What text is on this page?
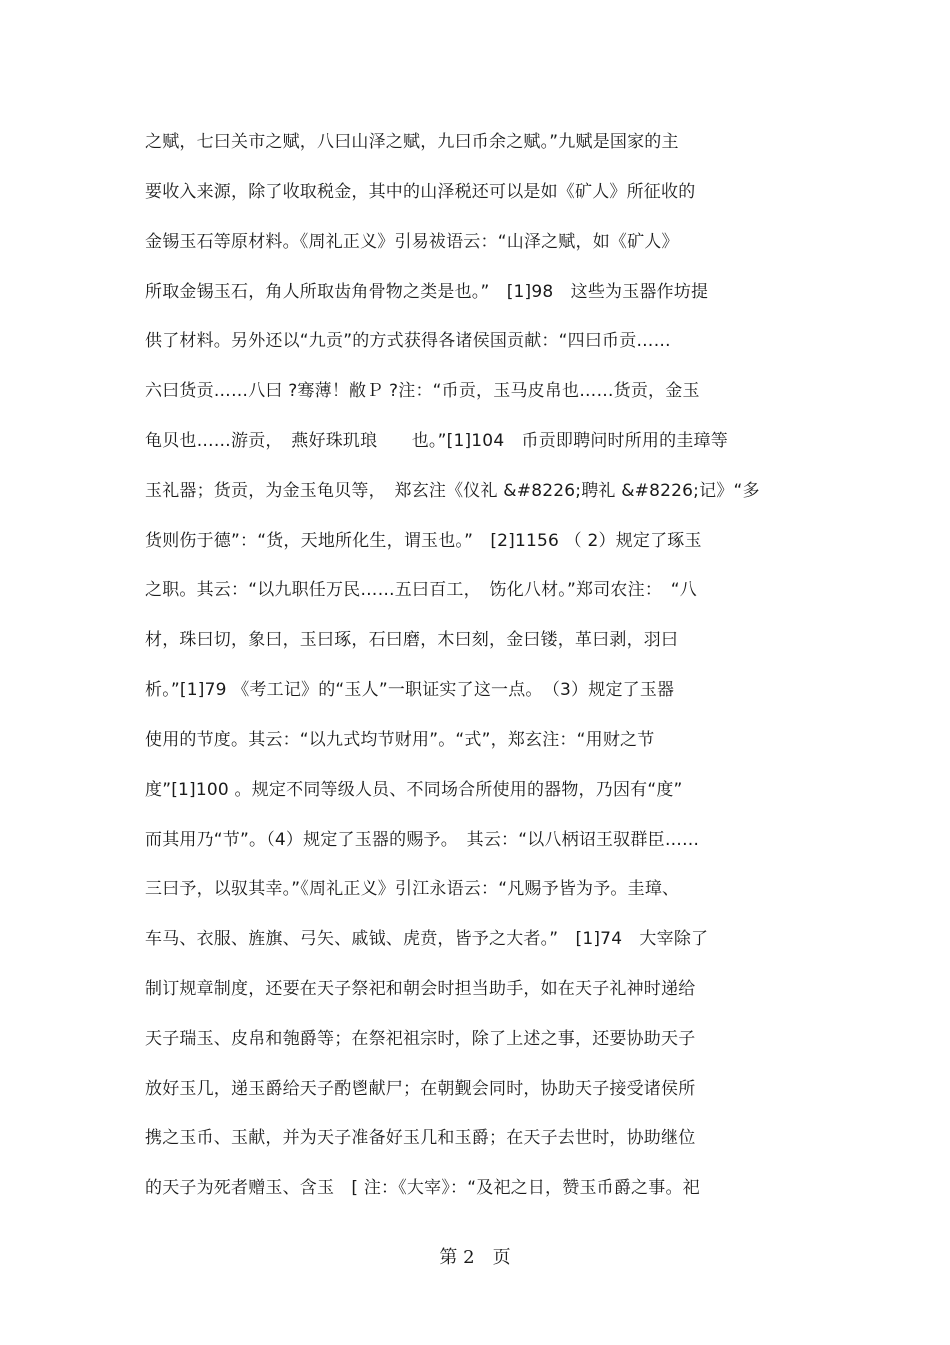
之赋，七曰关市之赋，八曰山泽之赋，九曰币余之赋。”九赋是国家的主
要收入来源，除了收取税金，其中的山泽税还可以是如《矿人》所征收的
金锡玉石等原材料。《周礼正义》引易祓语云：“山泽之赋，如《矿人》
所取金锡玉石，角人所取齿角骨物之类是也。”　[1]98　这些为玉器作坊提
供了材料。另外还以“九贡”的方式获得各诸侯国贡献：“四曰币贡……
六曰货贡……八曰 ?骞薄！敝Ｐ ?注：“币贡，玉马皮帛也……货贡，金玉
龟贝也……游贡，　燕好珠玑琅　　也。”[1]104　币贡即聘问时所用的圭璋等
玉礼器；货贡，为金玉龟贝等，　郑玄注《仪礼 &#8226;聘礼 &#8226;记》“多
货则伤于德”：“货，天地所化生，谓玉也。”　[2]1156 （ 2）规定了琢玉
之职。其云：“以九职任万民……五曰百工，　饬化八材。”郑司农注：　“八
材，珠曰切，象曰，玉曰琢，石曰磨，木曰刻，金曰镂，革曰剥，羽曰
析。”[1]79 《考工记》的“玉人”一职证实了这一点。　（3）规定了玉器
使用的节度。其云：“以九式均节财用”。“式”，郑玄注：“用财之节
度”[1]100 。规定不同等级人员、不同场合所使用的器物，乃因有“度”
而其用乃“节”。（4）规定了玉器的赐予。　其云：“以八柄诏王驭群臣……
三曰予，以驭其幸。”《周礼正义》引江永语云：“凡赐予皆为予。圭璋、
车马、衣服、旌旗、弓矢、戚钺、虎贲，皆予之大者。”　[1]74　大宰除了
制订规章制度，还要在天子祭祀和朝会时担当助手，如在天子礼神时递给
天子瑞玉、皮帛和匏爵等；在祭祀祖宗时，除了上述之事，还要协助天子
放好玉几，递玉爵给天子酌鬯献尸；在朝觐会同时，协助天子接受诸侯所
携之玉币、玉献，并为天子准备好玉几和玉爵；在天子去世时，协助继位
的天子为死者赠玉、含玉　[ 注：《大宰》：“及祀之日，赞玉币爵之事。祀
第 2　页
